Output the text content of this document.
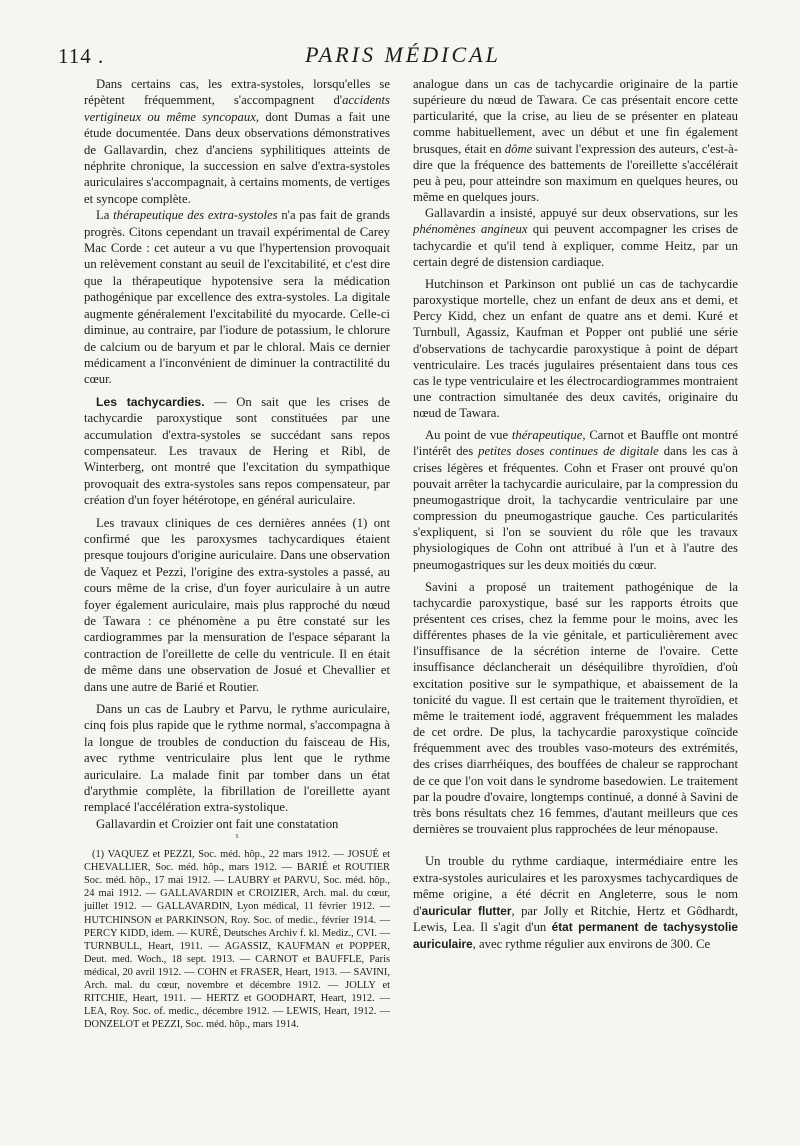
114 .	PARIS MÉDICAL

Dans certains cas, les extra-systoles, lorsqu'elles se répètent fréquemment, s'accompagnent d'accidents vertigineux ou même syncopaux, dont Dumas a fait une étude documentée. Dans deux observations démonstratives de Gallavardin, chez d'anciens syphilitiques atteints de néphrite chronique, la succession en salve d'extra-systoles auriculaires s'accompagnait, à certains moments, de vertiges et syncope complète.

La thérapeutique des extra-systoles n'a pas fait de grands progrès. Citons cependant un travail expérimental de Carey Mac Corde : cet auteur a vu que l'hypertension provoquait un relèvement constant au seuil de l'excitabilité, et c'est dire que la thérapeutique hypotensive sera la médication pathogénique par excellence des extra-systoles. La digitale augmente généralement l'excitabilité du myocarde. Celle-ci diminue, au contraire, par l'iodure de potassium, le chlorure de calcium ou de baryum et par le chloral. Mais ce dernier médicament a l'inconvénient de diminuer la contractilité du cœur.

Les tachycardies. — On sait que les crises de tachycardie paroxystique sont constituées par une accumulation d'extra-systoles se succédant sans repos compensateur. Les travaux de Hering et Ribl, de Winterberg, ont montré que l'excitation du sympathique provoquait des extra-systoles sans repos compensateur, par création d'un foyer hétérotope, en général auriculaire.

Les travaux cliniques de ces dernières années (1) ont confirmé que les paroxysmes tachycardiques étaient presque toujours d'origine auriculaire. Dans une observation de Vaquez et Pezzi, l'origine des extra-systoles a passé, au cours même de la crise, d'un foyer auriculaire à un autre foyer également auriculaire, mais plus rapproché du nœud de Tawara : ce phénomène a pu être constaté sur les cardiogrammes par la mensuration de l'espace séparant la contraction de l'oreillette de celle du ventricule. Il en était de même dans une observation de Josué et Chevallier et dans une autre de Barié et Routier.

Dans un cas de Laubry et Parvu, le rythme auriculaire, cinq fois plus rapide que le rythme normal, s'accompagna à la longue de troubles de conduction du faisceau de His, avec rythme ventriculaire plus lent que le rythme auriculaire. La malade finit par tomber dans un état d'arythmie complète, la fibrillation de l'oreillette ayant remplacé l'accélération extra-systolique.

Gallavardin et Croizier ont fait une constatation

s

(1) VAQUEZ et PEZZI, Soc. méd. hôp., 22 mars 1912. — JOSUÉ et CHEVALLIER, Soc. méd. hôp., mars 1912. — BARIÉ et ROUTIER Soc. méd. hôp., 17 mai 1912. — LAUBRY et PARVU, Soc. méd. hôp., 24 mai 1912. — GALLAVARDIN et CROIZIER, Arch. mal. du cœur, juillet 1912. — GALLAVARDIN, Lyon médical, 11 février 1912. — HUTCHINSON et PARKINSON, Roy. Soc. of medic., février 1914. — PERCY KIDD, idem. — KURÉ, Deutsches Archiv f. kl. Mediz., CVI. — TURNBULL, Heart, 1911. — AGASSIZ, KAUFMAN et POPPER, Deut. med. Woch., 18 sept. 1913. — CARNOT et BAUFFLE, Paris médical, 20 avril 1912. — COHN et FRASER, Heart, 1913. — SAVINI, Arch. mal. du cœur, novembre et décembre 1912. — JOLLY et RITCHIE, Heart, 1911. — HERTZ et GOODHART, Heart, 1912. — LEA, Roy. Soc. of. medic., décembre 1912. — LEWIS, Heart, 1912. — DONZELOT et PEZZI, Soc. méd. hôp., mars 1914.

analogue dans un cas de tachycardie originaire de la partie supérieure du nœud de Tawara. Ce cas présentait encore cette particularité, que la crise, au lieu de se présenter en plateau comme habituellement, avec un début et une fin également brusques, était en dôme suivant l'expression des auteurs, c'est-à-dire que la fréquence des battements de l'oreillette s'accélérait peu à peu, pour atteindre son maximum en quelques heures, ou même en quelques jours.

Gallavardin a insisté, appuyé sur deux observations, sur les phénomènes angineux qui peuvent accompagner les crises de tachycardie et qu'il tend à expliquer, comme Heitz, par un certain degré de distension cardiaque.

Hutchinson et Parkinson ont publié un cas de tachycardie paroxystique mortelle, chez un enfant de deux ans et demi, et Percy Kidd, chez un enfant de quatre ans et demi. Kuré et Turnbull, Agassiz, Kaufman et Popper ont publié une série d'observations de tachycardie paroxystique à point de départ ventriculaire. Les tracés jugulaires présentaient dans tous ces cas le type ventriculaire et les électrocardiogrammes montraient une contraction simultanée des deux cavités, originaire du nœud de Tawara.

Au point de vue thérapeutique, Carnot et Bauffle ont montré l'intérêt des petites doses continues de digitale dans les cas à crises légères et fréquentes. Cohn et Fraser ont prouvé qu'on pouvait arrêter la tachycardie auriculaire, par la compression du pneumogastrique droit, la tachycardie ventriculaire par une compression du pneumogastrique gauche. Ces particularités s'expliquent, si l'on se souvient du rôle que les travaux physiologiques de Cohn ont attribué à l'un et à l'autre des pneumogastriques sur les deux moitiés du cœur.

Savini a proposé un traitement pathogénique de la tachycardie paroxystique, basé sur les rapports étroits que présentent ces crises, chez la femme pour le moins, avec les différentes phases de la vie génitale, et particulièrement avec l'insuffisance de la sécrétion interne de l'ovaire. Cette insuffisance déclancherait un déséquilibre thyroïdien, d'où excitation positive sur le sympathique, et abaissement de la tonicité du vague. Il est certain que le traitement thyroïdien, et même le traitement iodé, aggravent fréquemment les malades de cet ordre. De plus, la tachycardie paroxystique coïncide fréquemment avec des troubles vaso-moteurs des extrémités, des crises diarrhéiques, des bouffées de chaleur se rapprochant de ce que l'on voit dans le syndrome basedowien. Le traitement par la poudre d'ovaire, longtemps continué, a donné à Savini de très bons résultats chez 16 femmes, d'autant meilleurs que ces dernières se trouvaient plus rapprochées de leur ménopause.

Un trouble du rythme cardiaque, intermédiaire entre les extra-systoles auriculaires et les paroxysmes tachycardiques de même origine, a été décrit en Angleterre, sous le nom d'auricular flutter, par Jolly et Ritchie, Hertz et Gôdhardt, Lewis, Lea. Il s'agit d'un état permanent de tachysystolie auriculaire, avec rythme régulier aux environs de 300. Ce
